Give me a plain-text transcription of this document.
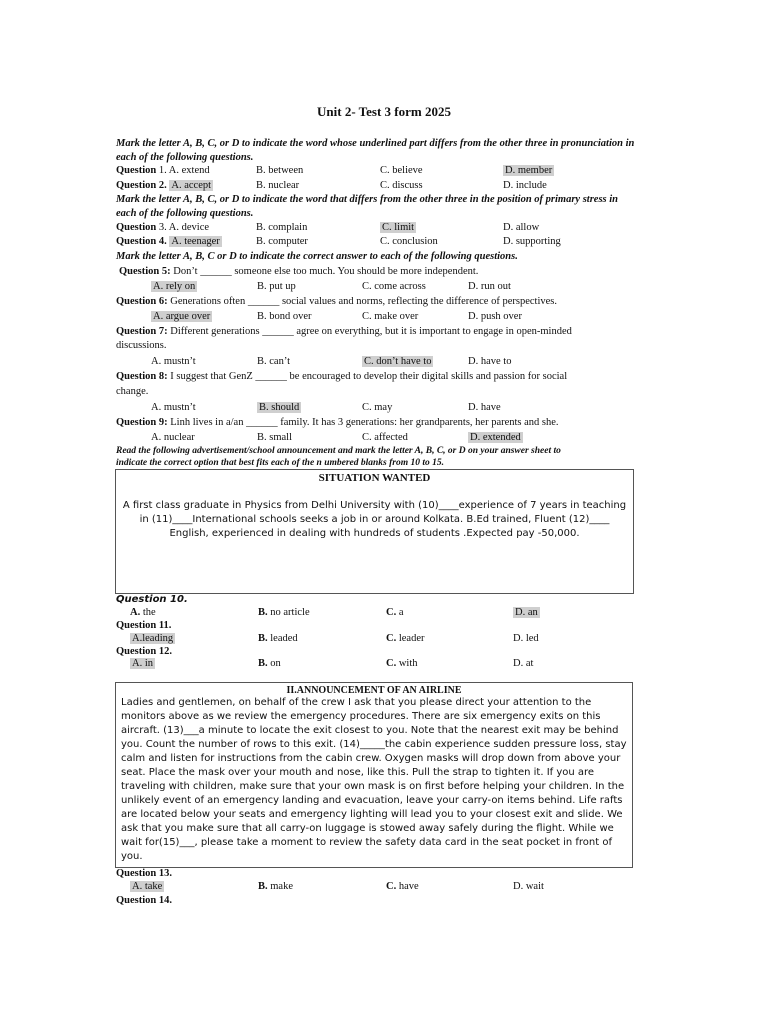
Unit 2- Test 3 form 2025
Mark the letter A, B, C, or D to indicate the word whose underlined part differs from the other three in pronunciation in each of the following questions.
Question 1. A. extend	B. between	C. believe	D. member
Question 2. A. accept	B. nuclear	C. discuss	D. include
Mark the letter A, B, C, or D to indicate the word that differs from the other three in the position of primary stress in each of the following questions.
Question 3. A. device	B. complain	C. limit	D. allow
Question 4. A. teenager	B. computer	C. conclusion	D. supporting
Mark the letter A, B, C or D to indicate the correct answer to each of the following questions.
Question 5: Don’t ______ someone else too much. You should be more independent.
A. rely on	B. put up	C. come across	D. run out
Question 6: Generations often ______ social values and norms, reflecting the difference of perspectives.
A. argue over	B. bond over	C. make over	D. push over
Question 7: Different generations ______ agree on everything, but it is important to engage in open-minded
discussions.
A. mustn’t	B. can’t	C. don’t have to	D. have to
Question 8: I suggest that GenZ ______ be encouraged to develop their digital skills and passion for social
change.
A. mustn’t	B. should	C. may	D. have
Question 9: Linh lives in a/an ______ family. It has 3 generations: her grandparents, her parents and she.
A. nuclear	B. small	C. affected	D. extended
Read the following advertisement/school announcement and mark the letter A, B, C, or D on your answer sheet to
indicate the correct option that best fits each of the n umbered blanks from 10 to 15.
SITUATION WANTED
A first class graduate in Physics from Delhi University with (10)____experience of 7 years in teaching
in (11)____International schools seeks a job in or around Kolkata. B.Ed trained, Fluent (12)____
English, experienced in dealing with hundreds of students .Expected pay -50,000.
Question 10.
A. the	B. no article	C. a	D. an
Question 11.
A.leading	B. leaded	C. leader	D. led
Question 12.
A. in	B. on	C. with	D. at
II.ANNOUNCEMENT OF AN AIRLINE
Ladies and gentlemen, on behalf of the crew I ask that you please direct your attention to the
monitors above as we review the emergency procedures. There are six emergency exits on this
aircraft. (13)___a minute to locate the exit closest to you. Note that the nearest exit may be behind
you. Count the number of rows to this exit. (14)_____the cabin experience sudden pressure loss, stay
calm and listen for instructions from the cabin crew. Oxygen masks will drop down from above your
seat. Place the mask over your mouth and nose, like this. Pull the strap to tighten it. If you are
traveling with children, make sure that your own mask is on first before helping your children. In the
unlikely event of an emergency landing and evacuation, leave your carry-on items behind. Life rafts
are located below your seats and emergency lighting will lead you to your closest exit and slide. We
ask that you make sure that all carry-on luggage is stowed away safely during the flight. While we
wait for(15)___, please take a moment to review the safety data card in the seat pocket in front of
you.
Question 13.
A. take	B. make	C. have	D. wait
Question 14.
